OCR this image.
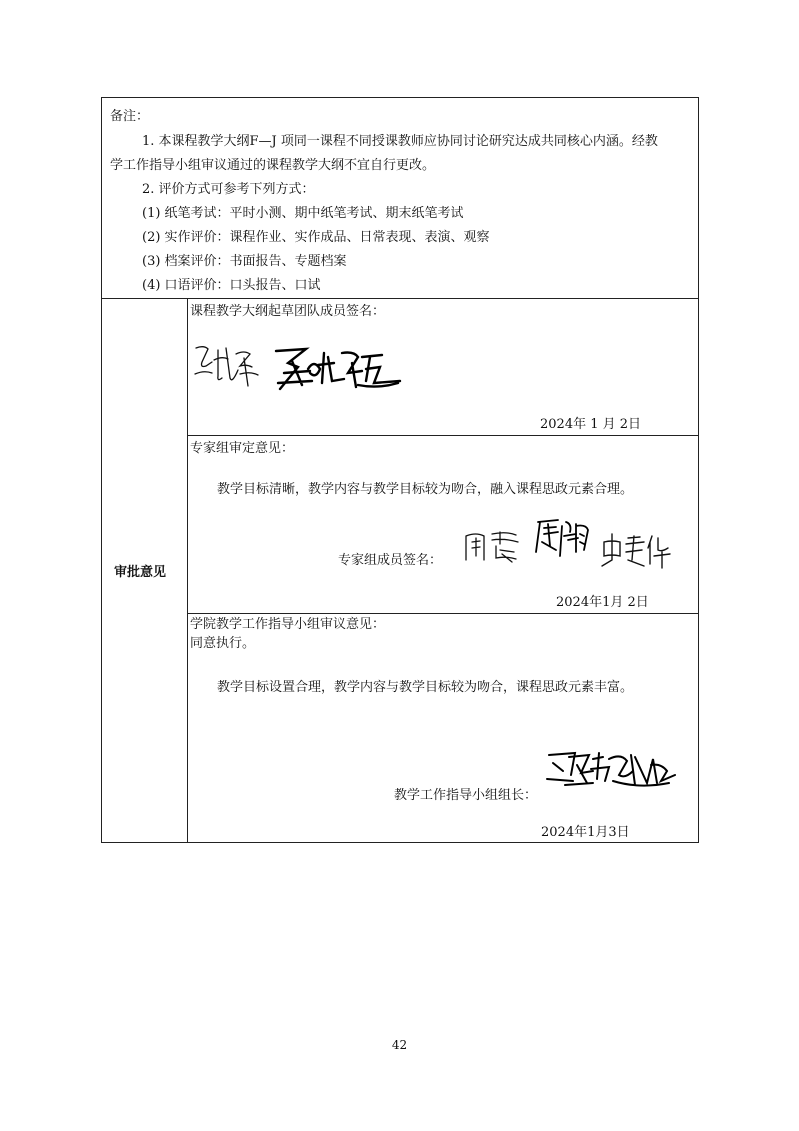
备注：
1. 本课程教学大纲F—J 项同一课程不同授课教师应协同讨论研究达成共同核心内涵。经教
学工作指导小组审议通过的课程教学大纲不宜自行更改。
2. 评价方式可参考下列方式：
(1) 纸笔考试：平时小测、期中纸笔考试、期末纸笔考试
(2) 实作评价：课程作业、实作成品、日常表现、表演、观察
(3) 档案评价：书面报告、专题档案
(4) 口语评价：口头报告、口试
审批意见
课程教学大纲起草团队成员签名：
2024年 1 月 2日
专家组审定意见：
教学目标清晰，教学内容与教学目标较为吻合，融入课程思政元素合理。
专家组成员签名：
2024年1月 2日
学院教学工作指导小组审议意见：
同意执行。
教学目标设置合理，教学内容与教学目标较为吻合，课程思政元素丰富。
教学工作指导小组组长：
2024年1月3日
42
